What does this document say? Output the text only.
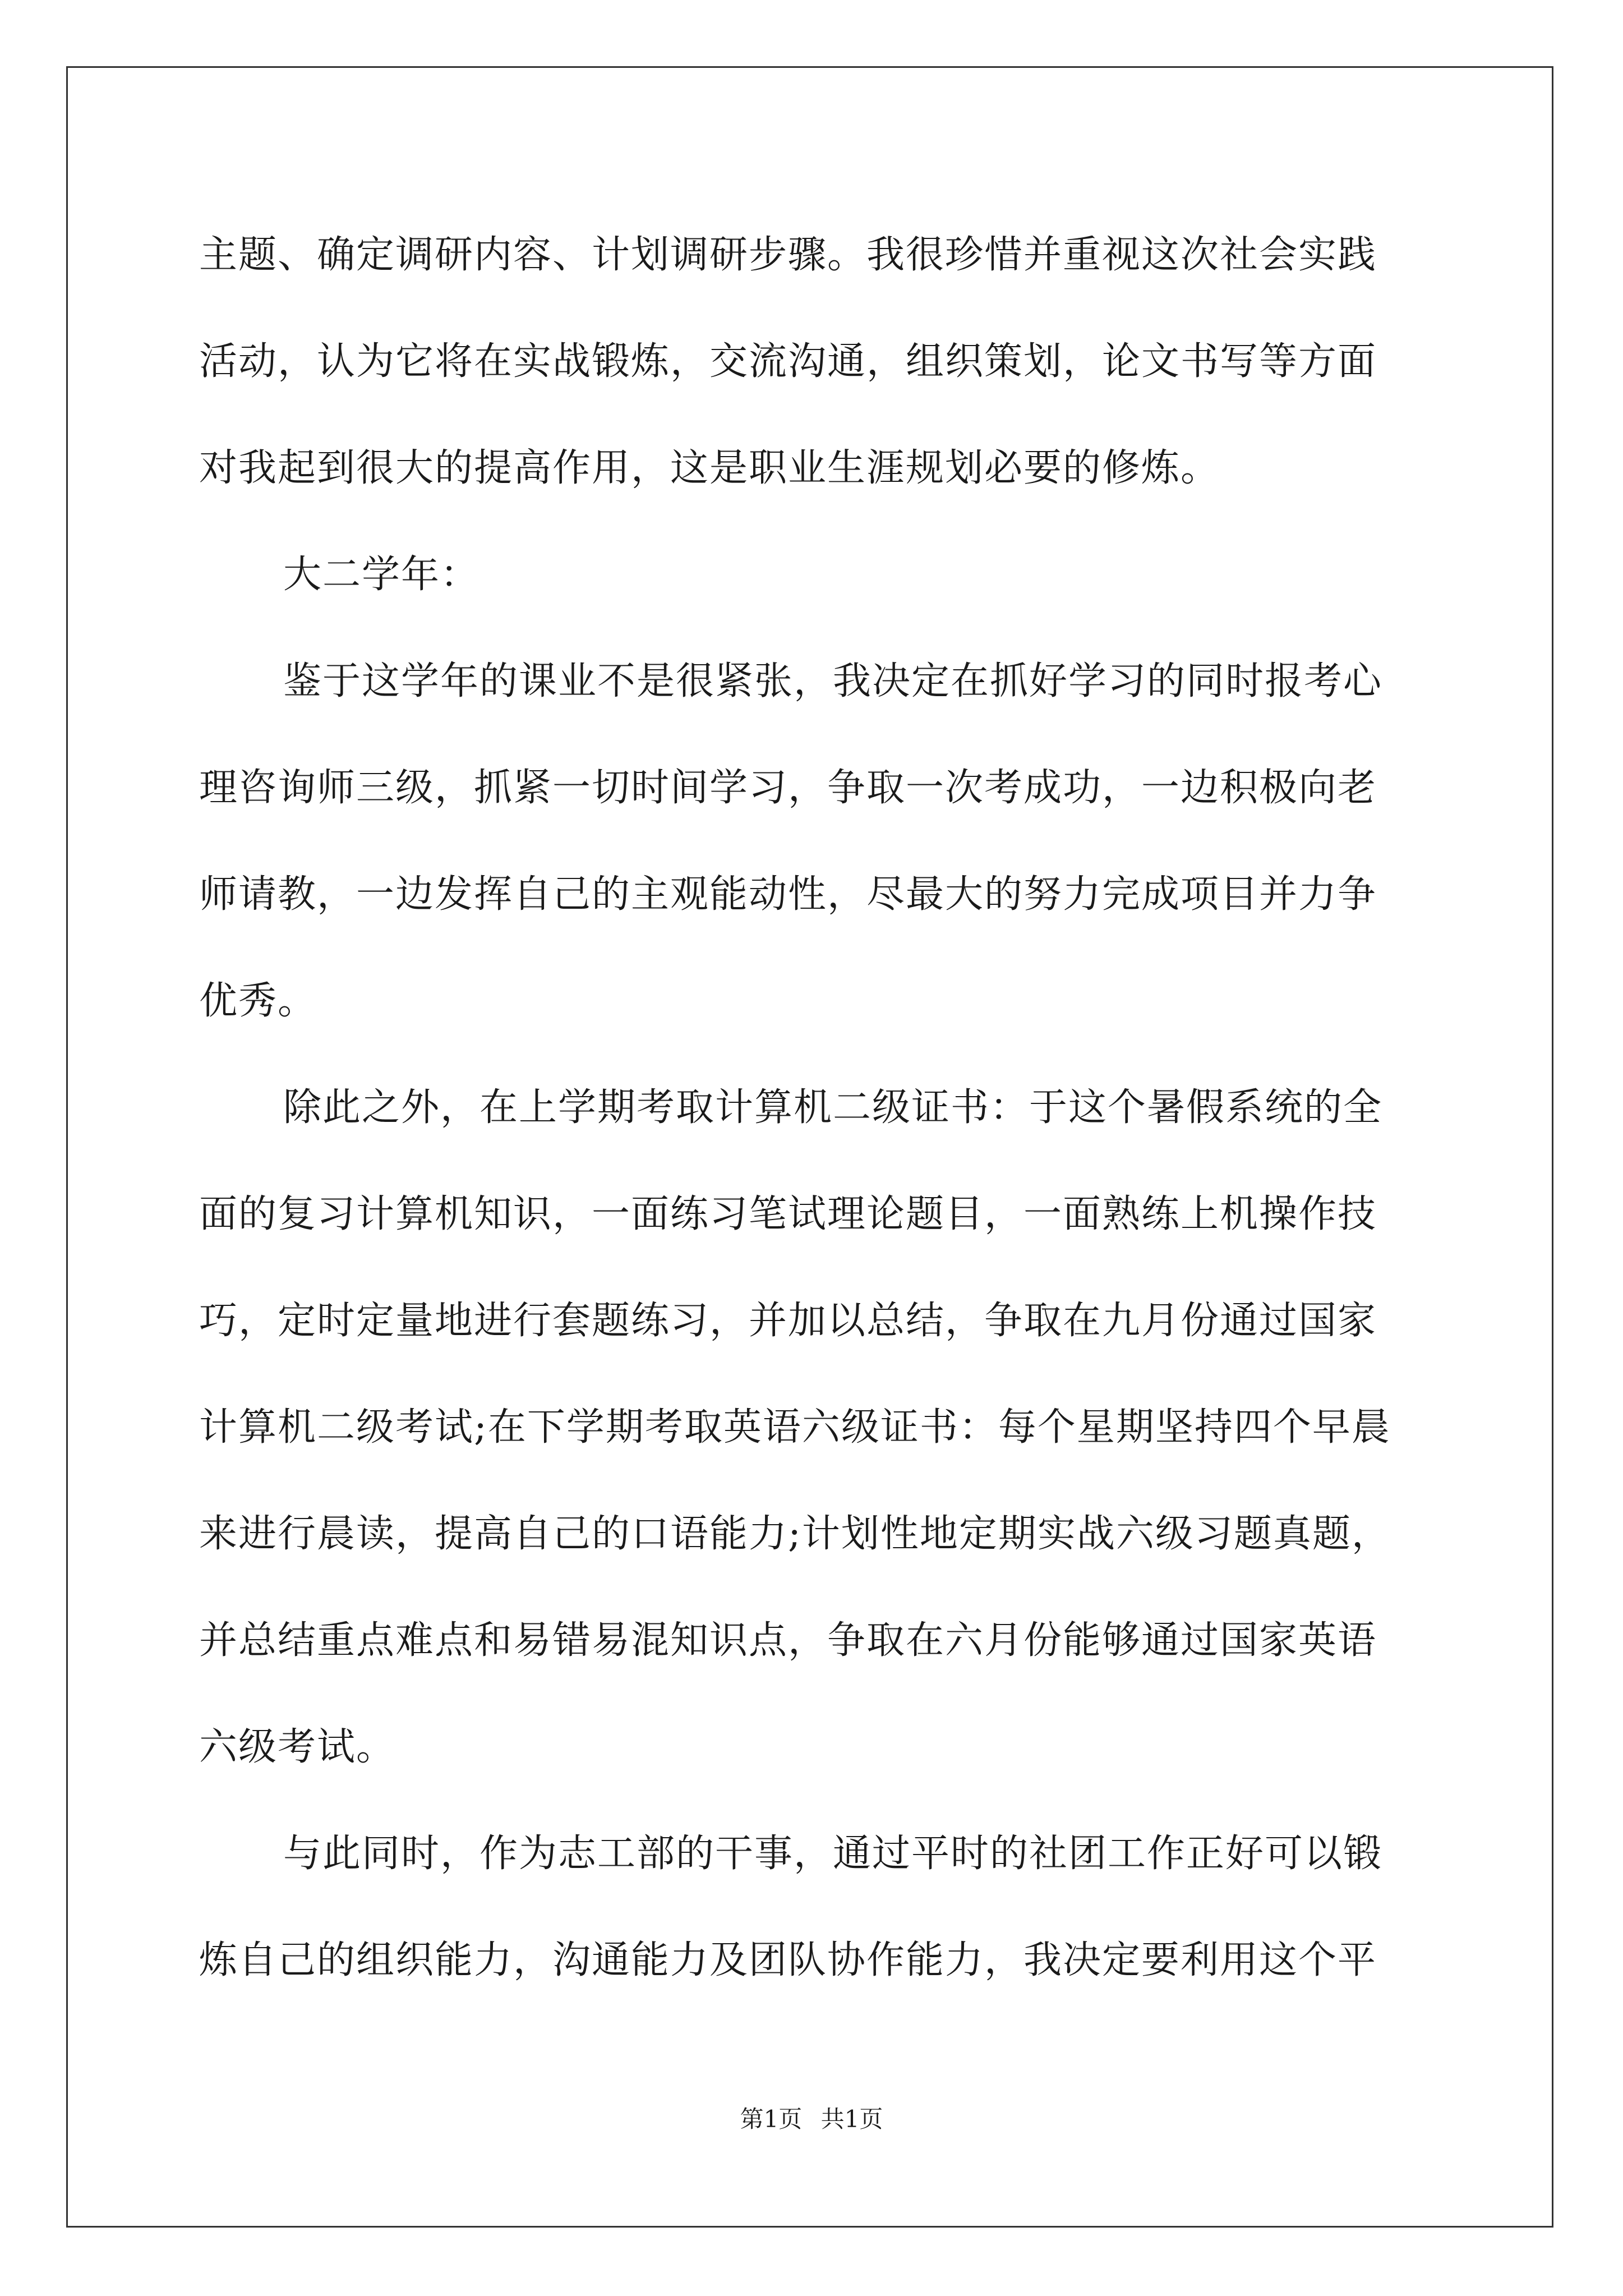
主题、确定调研内容、计划调研步骤。我很珍惜并重视这次社会实践
活动，认为它将在实战锻炼，交流沟通，组织策划，论文书写等方面
对我起到很大的提高作用，这是职业生涯规划必要的修炼。

大二学年：

鉴于这学年的课业不是很紧张，我决定在抓好学习的同时报考心
理咨询师三级，抓紧一切时间学习，争取一次考成功，一边积极向老
师请教，一边发挥自己的主观能动性，尽最大的努力完成项目并力争
优秀。

除此之外，在上学期考取计算机二级证书：于这个暑假系统的全
面的复习计算机知识，一面练习笔试理论题目，一面熟练上机操作技
巧，定时定量地进行套题练习，并加以总结，争取在九月份通过国家
计算机二级考试;在下学期考取英语六级证书：每个星期坚持四个早晨
来进行晨读，提高自己的口语能力;计划性地定期实战六级习题真题，
并总结重点难点和易错易混知识点，争取在六月份能够通过国家英语
六级考试。

与此同时，作为志工部的干事，通过平时的社团工作正好可以锻
炼自己的组织能力，沟通能力及团队协作能力，我决定要利用这个平

第1页 共1页
